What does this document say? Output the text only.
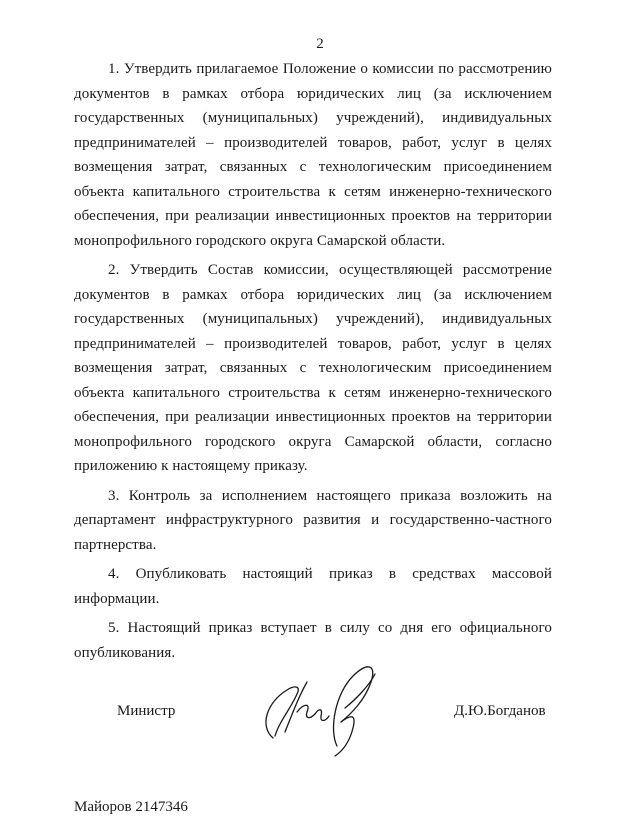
2

1. Утвердить прилагаемое Положение о комиссии по рассмотрению документов в рамках отбора юридических лиц (за исключением государственных (муниципальных) учреждений), индивидуальных предпринимателей – производителей товаров, работ, услуг в целях возмещения затрат, связанных с технологическим присоединением объекта капитального строительства к сетям инженерно-технического обеспечения, при реализации инвестиционных проектов на территории монопрофильного городского округа Самарской области.

2. Утвердить Состав комиссии, осуществляющей рассмотрение документов в рамках отбора юридических лиц (за исключением государственных (муниципальных) учреждений), индивидуальных предпринимателей – производителей товаров, работ, услуг в целях возмещения затрат, связанных с технологическим присоединением объекта капитального строительства к сетям инженерно-технического обеспечения, при реализации инвестиционных проектов на территории монопрофильного городского округа Самарской области, согласно приложению к настоящему приказу.

3. Контроль за исполнением настоящего приказа возложить на департамент инфраструктурного развития и государственно-частного партнерства.

4. Опубликовать настоящий приказ в средствах массовой информации.

5. Настоящий приказ вступает в силу со дня его официального опубликования.

Министр	Д.Ю.Богданов
Майоров 2147346
